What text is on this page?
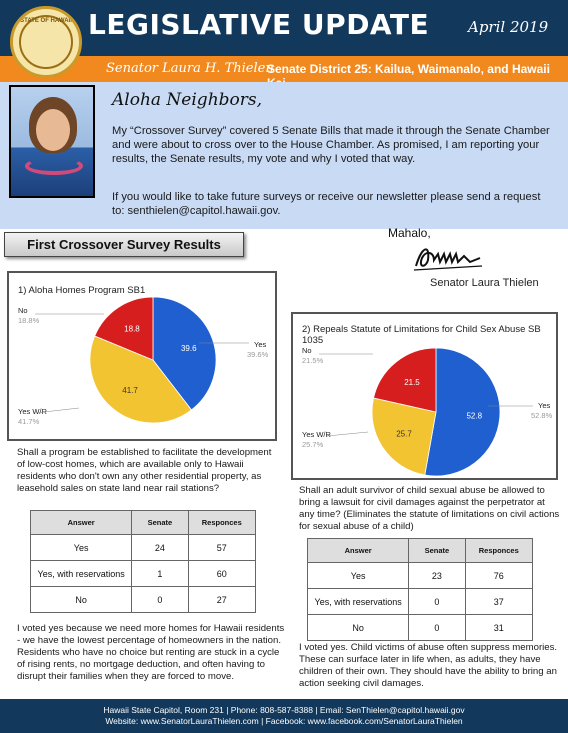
STATE OF HAWAII LEGISLATIVE UPDATE	April 2019
Senator Laura H. Thielen
Senate District 25: Kailua, Waimanalo, and Hawaii
Aloha Neighbors,
My “Crossover Survey” covered 5 Senate Bills that made it through the Senate Chamber and were about to cross over to the House Chamber. As promised, I am reporting your results, the Senate results, my vote and why I voted that way.
If you would like to take future surveys or receive our newsletter please send a request to: senthielen@capitol.hawaii.gov.
First Crossover Survey Results
Mahalo,
Senator Laura Thielen
1) Aloha Homes Program SB1
No
18.8%
Yes
39.6%
Yes W/R
41.7%
39.6
41.7
18.8	2) Repeals Statute of Limitations for Child Sex Abuse SB 1035
No
21.5%
Yes
52.8%
Yes W/R
25.7%
52.8
25.7
21.5
Shall a program be established to facilitate the development of low-cost homes, which are available only to Hawaii residents who don't own any other residential property, as leasehold sales on state land near rail stations?	Shall an adult survivor of child sexual abuse be allowed to bring a lawsuit for civil damages against the perpetrator at any time? (Eliminates the statute of limitations on civil actions for sexual abuse of a child)
Answer	Senate	Responces
Yes	24	57
Yes, with reservations	1	60
No	0	27
Answer	Senate	Responces
Yes	23	76
Yes, with reservations	0	37
No	0	31
I voted yes because we need more homes for Hawaii residents - we have the lowest percentage of homeowners in the nation. Residents who have no choice but renting are stuck in a cycle of rising rents, no mortgage deduction, and often having to disrupt their families when they are forced to move.
I voted yes. Child victims of abuse often suppress memories. These can surface later in life when, as adults, they have children of their own. They should have the ability to bring an action seeking civil damages.
Hawaii State Capitol, Room 231 | Phone: 808-587-8388 | Email: SenThielen@capitol.hawaii.gov
Website: www.SenatorLauraThielen.com | Facebook: www.facebook.com/SenatorLauraThielen
